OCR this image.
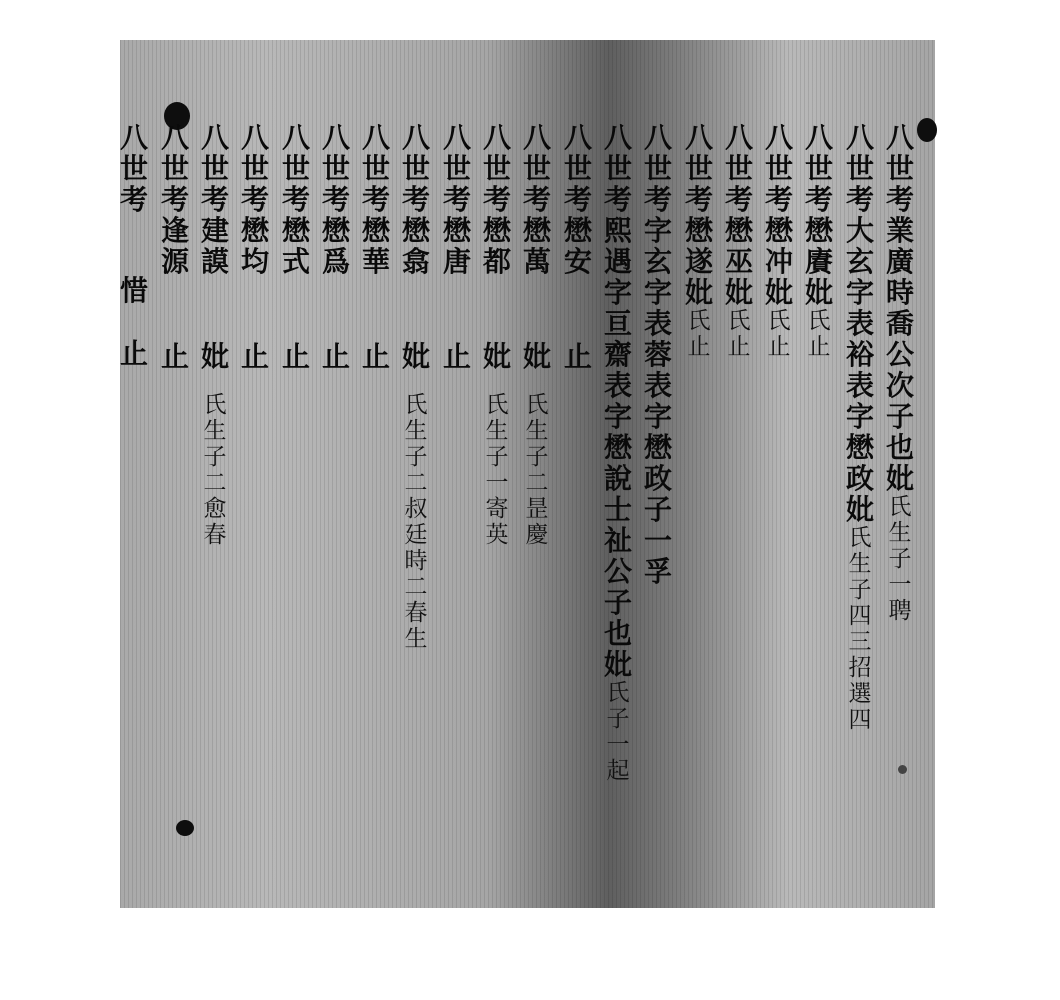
八
世
考
業
廣
時
喬
公
次
子
也
妣
氏
生
子
一
聘
八
世
考
大
玄
字
表
裕
表
字
懋
政
妣
氏
生
子
四
三
招
選
四
八
世
考
懋
賡
妣
氏
止
八
世
考
懋
冲
妣
氏
止
八
世
考
懋
巫
妣
氏
止
八
世
考
懋
遂
妣
氏
止
八
世
考
字
玄
字
表
蓉
表
字
懋
政
子
一
孚
八
世
考
熙
遇
字
亘
齋
表
字
懋
說
士
祉
公
子
也
妣
氏
子
一
起
八
世
考
懋
安
止
八
世
考
懋
萬
妣
氏
生
子
二
昰
慶
八
世
考
懋
都
妣
氏
生
子
一
寄
英
八
世
考
懋
唐
止
八
世
考
懋
翕
妣
氏
生
子
二
叔
廷
時
二
春
生
八
世
考
懋
華
止
八
世
考
懋
爲
止
八
世
考
懋
式
止
八
世
考
懋
均
止
八
世
考
建
謨
妣
氏
生
子
二
愈
春
八
世
考
逢
源
止
八
世
考
惜
止
